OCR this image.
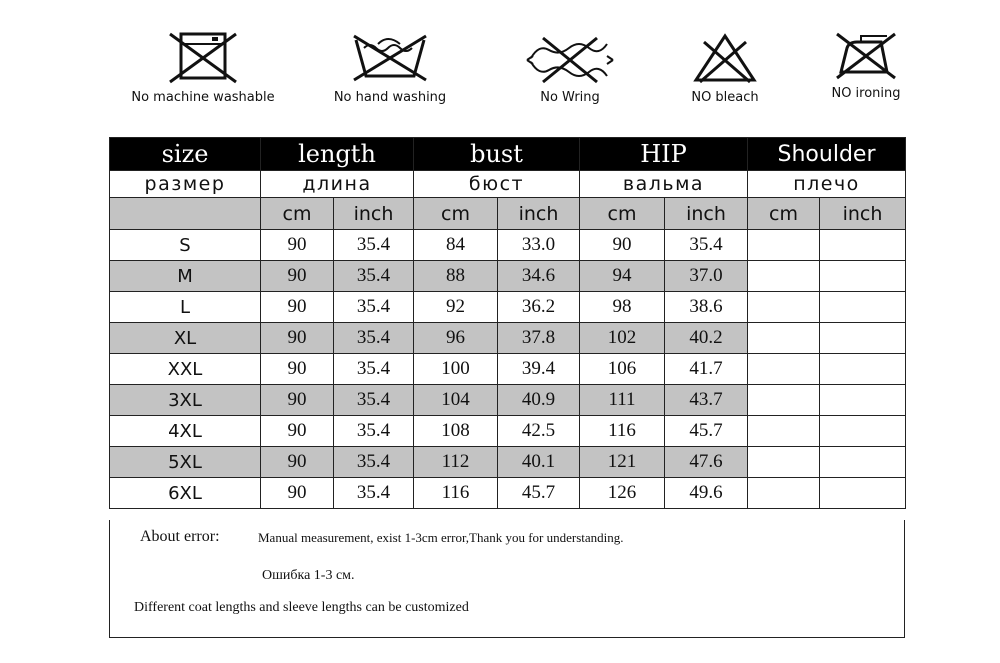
No machine washable	No hand washing	No Wring	NO bleach	NO ironing
size	length		bust		HIP		Shoulder	
размер	длина		бюст		вальма		плечо	
	cm	inch	cm	inch	cm	inch	cm	inch
S	90	35.4	84	33.0	90	35.4		
M	90	35.4	88	34.6	94	37.0		
L	90	35.4	92	36.2	98	38.6		
XL	90	35.4	96	37.8	102	40.2		
XXL	90	35.4	100	39.4	106	41.7		
3XL	90	35.4	104	40.9	111	43.7		
4XL	90	35.4	108	42.5	116	45.7		
5XL	90	35.4	112	40.1	121	47.6		
6XL	90	35.4	116	45.7	126	49.6		
About error:	Manual measurement, exist 1-3cm error,Thank you for understanding.
Ошибка 1-3 см.
Different coat lengths and sleeve lengths can be customized
